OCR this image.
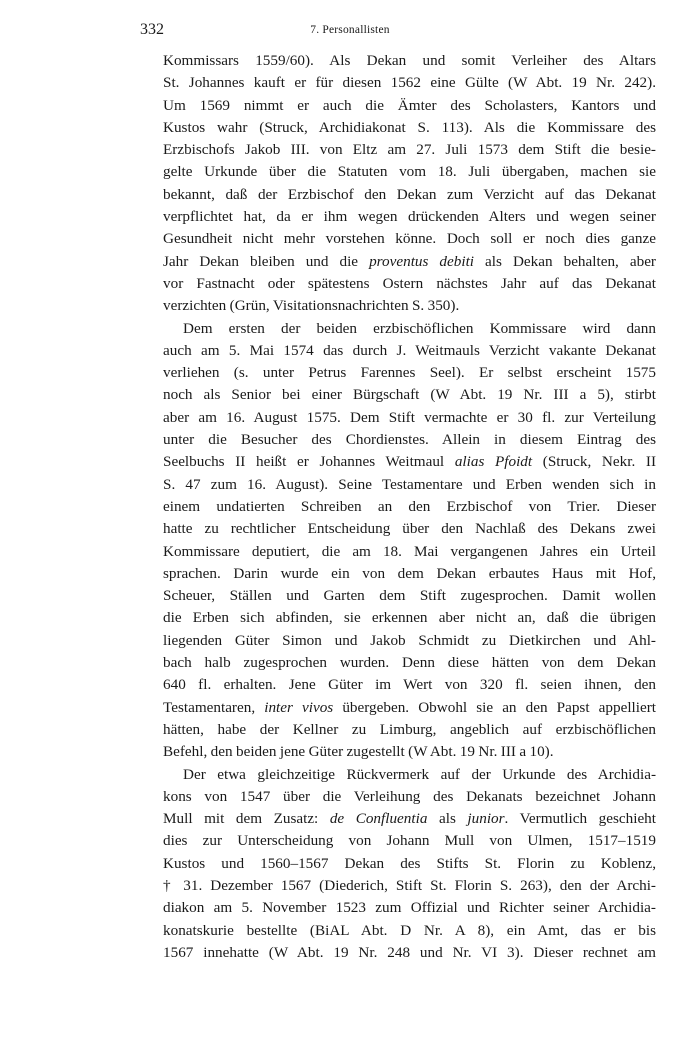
332	7. Personallisten
Kommissars 1559/60). Als Dekan und somit Verleiher des Altars
St. Johannes kauft er für diesen 1562 eine Gülte (W Abt. 19 Nr. 242).
Um 1569 nimmt er auch die Ämter des Scholasters, Kantors und
Kustos wahr (Struck, Archidiakonat S. 113). Als die Kommissare des
Erzbischofs Jakob III. von Eltz am 27. Juli 1573 dem Stift die besie-
gelte Urkunde über die Statuten vom 18. Juli übergaben, machen sie
bekannt, daß der Erzbischof den Dekan zum Verzicht auf das Dekanat
verpflichtet hat, da er ihm wegen drückenden Alters und wegen seiner
Gesundheit nicht mehr vorstehen könne. Doch soll er noch dies ganze
Jahr Dekan bleiben und die proventus debiti als Dekan behalten, aber
vor Fastnacht oder spätestens Ostern nächstes Jahr auf das Dekanat
verzichten (Grün, Visitationsnachrichten S. 350).
Dem ersten der beiden erzbischöflichen Kommissare wird dann
auch am 5. Mai 1574 das durch J. Weitmauls Verzicht vakante Dekanat
verliehen (s. unter Petrus Farennes Seel). Er selbst erscheint 1575
noch als Senior bei einer Bürgschaft (W Abt. 19 Nr. III a 5), stirbt
aber am 16. August 1575. Dem Stift vermachte er 30 fl. zur Verteilung
unter die Besucher des Chordienstes. Allein in diesem Eintrag des
Seelbuchs II heißt er Johannes Weitmaul alias Pfoidt (Struck, Nekr. II
S. 47 zum 16. August). Seine Testamentare und Erben wenden sich in
einem undatierten Schreiben an den Erzbischof von Trier. Dieser
hatte zu rechtlicher Entscheidung über den Nachlaß des Dekans zwei
Kommissare deputiert, die am 18. Mai vergangenen Jahres ein Urteil
sprachen. Darin wurde ein von dem Dekan erbautes Haus mit Hof,
Scheuer, Ställen und Garten dem Stift zugesprochen. Damit wollen
die Erben sich abfinden, sie erkennen aber nicht an, daß die übrigen
liegenden Güter Simon und Jakob Schmidt zu Dietkirchen und Ahl-
bach halb zugesprochen wurden. Denn diese hätten von dem Dekan
640 fl. erhalten. Jene Güter im Wert von 320 fl. seien ihnen, den
Testamentaren, inter vivos übergeben. Obwohl sie an den Papst appelliert
hätten, habe der Kellner zu Limburg, angeblich auf erzbischöflichen
Befehl, den beiden jene Güter zugestellt (W Abt. 19 Nr. III a 10).
Der etwa gleichzeitige Rückvermerk auf der Urkunde des Archidia-
kons von 1547 über die Verleihung des Dekanats bezeichnet Johann
Mull mit dem Zusatz: de Confluentia als junior. Vermutlich geschieht
dies zur Unterscheidung von Johann Mull von Ulmen, 1517–1519
Kustos und 1560–1567 Dekan des Stifts St. Florin zu Koblenz,
† 31. Dezember 1567 (Diederich, Stift St. Florin S. 263), den der Archi-
diakon am 5. November 1523 zum Offizial und Richter seiner Archidia-
konatskurie bestellte (BiAL Abt. D Nr. A 8), ein Amt, das er bis
1567 innehatte (W Abt. 19 Nr. 248 und Nr. VI 3). Dieser rechnet am
